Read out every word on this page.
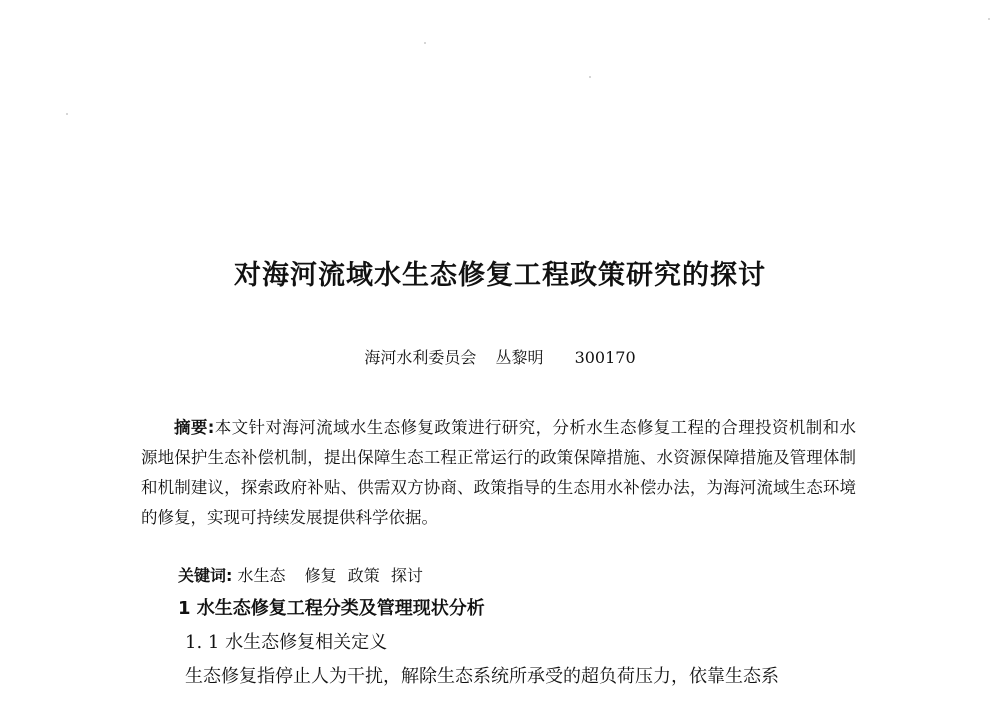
对海河流域水生态修复工程政策研究的探讨
海河水利委员会 丛黎明 300170

摘要:本文针对海河流域水生态修复政策进行研究，分析水生态修复工程的合理投资机制和水源地保护生态补偿机制，提出保障生态工程正常运行的政策保障措施、水资源保障措施及管理体制和机制建议，探索政府补贴、供需双方协商、政策指导的生态用水补偿办法，为海河流域生态环境的修复，实现可持续发展提供科学依据。

关键词: 水生态 修复 政策 探讨
1 水生态修复工程分类及管理现状分析
1. 1 水生态修复相关定义
生态修复指停止人为干扰，解除生态系统所承受的超负荷压力，依靠生态系
